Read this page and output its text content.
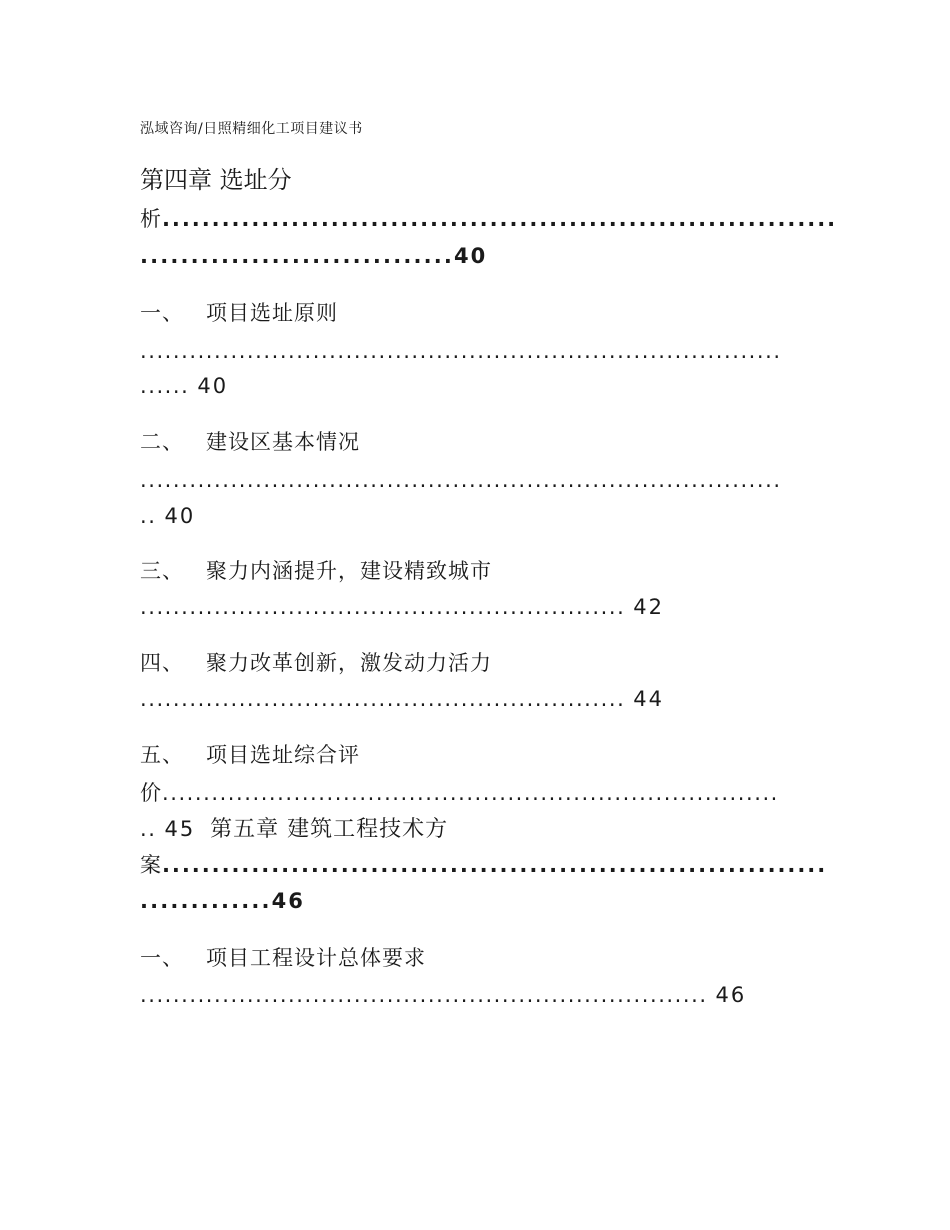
泓域咨询/日照精细化工项目建议书
第四章 选址分
析....................................................................
...............................40
一、 项目选址原则
..............................................................................
...... 40
二、 建设区基本情况
..............................................................................
.. 40
三、 聚力内涵提升，建设精致城市
........................................................... 42
四、 聚力改革创新，激发动力活力
........................................................... 44
五、 项目选址综合评
价...........................................................................
.. 45 第五章 建筑工程技术方
案...................................................................
.............46
一、 项目工程设计总体要求
..................................................................... 46
